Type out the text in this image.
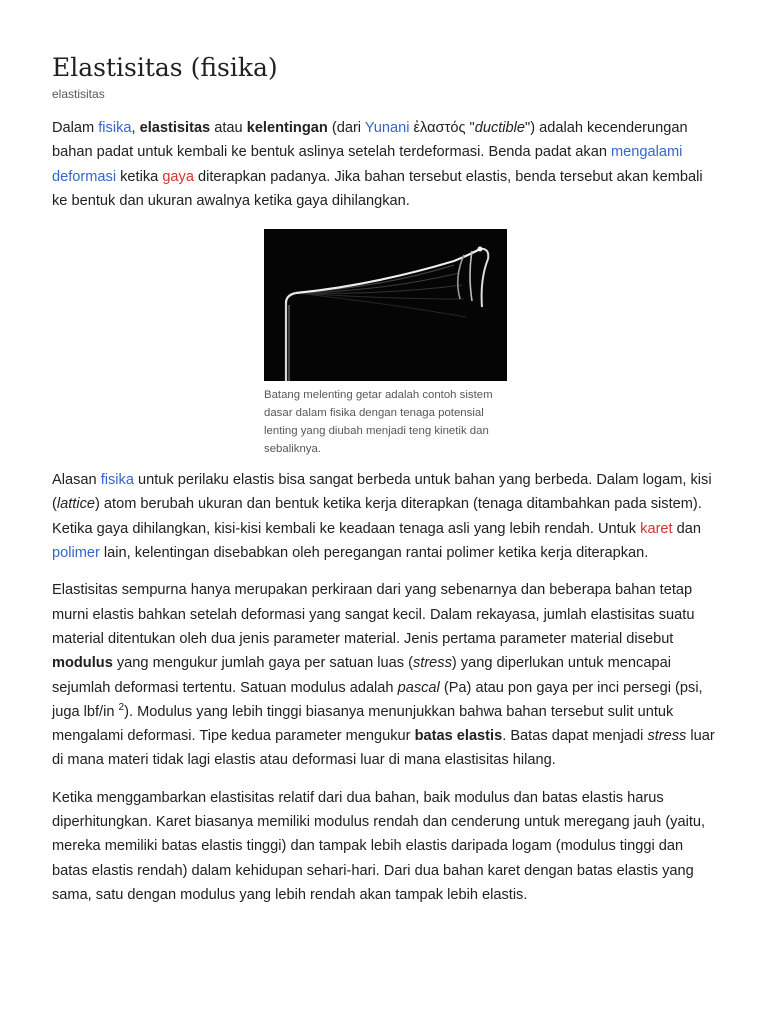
Elastisitas (fisika)
elastisitas

Dalam fisika, elastisitas atau kelentingan (dari Yunani ἐλαστός "ductible") adalah kecenderungan bahan padat untuk kembali ke bentuk aslinya setelah terdeformasi. Benda padat akan mengalami deformasi ketika gaya diterapkan padanya. Jika bahan tersebut elastis, benda tersebut akan kembali ke bentuk dan ukuran awalnya ketika gaya dihilangkan.

Batang melenting getar adalah contoh sistem dasar dalam fisika dengan tenaga potensial lenting yang diubah menjadi teng kinetik dan sebaliknya.

Alasan fisika untuk perilaku elastis bisa sangat berbeda untuk bahan yang berbeda. Dalam logam, kisi (lattice) atom berubah ukuran dan bentuk ketika kerja diterapkan (tenaga ditambahkan pada sistem). Ketika gaya dihilangkan, kisi-kisi kembali ke keadaan tenaga asli yang lebih rendah. Untuk karet dan polimer lain, kelentingan disebabkan oleh peregangan rantai polimer ketika kerja diterapkan.

Elastisitas sempurna hanya merupakan perkiraan dari yang sebenarnya dan beberapa bahan tetap murni elastis bahkan setelah deformasi yang sangat kecil. Dalam rekayasa, jumlah elastisitas suatu material ditentukan oleh dua jenis parameter material. Jenis pertama parameter material disebut modulus yang mengukur jumlah gaya per satuan luas (stress) yang diperlukan untuk mencapai sejumlah deformasi tertentu. Satuan modulus adalah pascal (Pa) atau pon gaya per inci persegi (psi, juga lbf/in $^2$). Modulus yang lebih tinggi biasanya menunjukkan bahwa bahan tersebut sulit untuk mengalami deformasi. Tipe kedua parameter mengukur batas elastis. Batas dapat menjadi stress luar di mana materi tidak lagi elastis atau deformasi luar di mana elastisitas hilang.

Ketika menggambarkan elastisitas relatif dari dua bahan, baik modulus dan batas elastis harus diperhitungkan. Karet biasanya memiliki modulus rendah dan cenderung untuk meregang jauh (yaitu, mereka memiliki batas elastis tinggi) dan tampak lebih elastis daripada logam (modulus tinggi dan batas elastis rendah) dalam kehidupan sehari-hari. Dari dua bahan karet dengan batas elastis yang sama, satu dengan modulus yang lebih rendah akan tampak lebih elastis.
